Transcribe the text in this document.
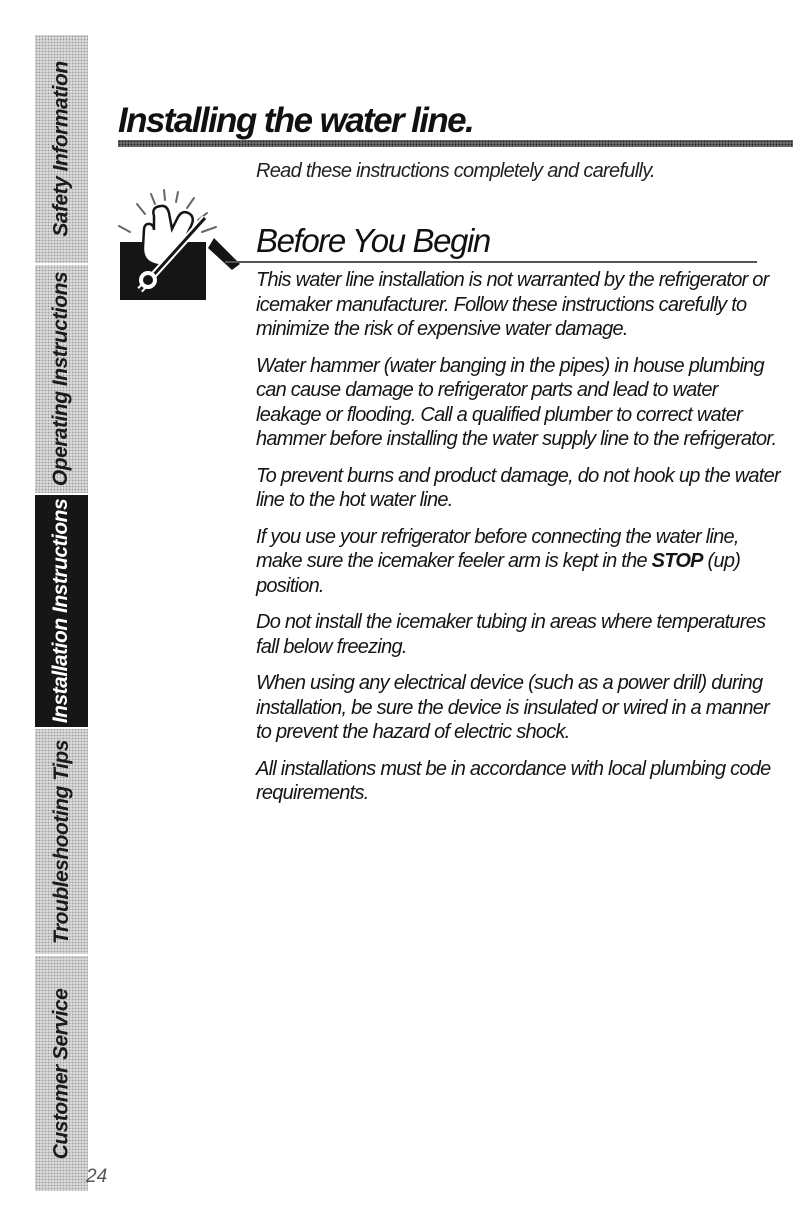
Safety Information
Operating Instructions
Installation Instructions
Troubleshooting Tips
Customer Service
24
Installing the water line.
Read these instructions completely and carefully.
Before You Begin

This water line installation is not warranted by the refrigerator or icemaker manufacturer. Follow these instructions carefully to minimize the risk of expensive water damage.

Water hammer (water banging in the pipes) in house plumbing can cause damage to refrigerator parts and lead to water leakage or flooding. Call a qualified plumber to correct water hammer before installing the water supply line to the refrigerator.

To prevent burns and product damage, do not hook up the water line to the hot water line.

If you use your refrigerator before connecting the water line, make sure the icemaker feeler arm is kept in the STOP (up) position.

Do not install the icemaker tubing in areas where temperatures fall below freezing.

When using any electrical device (such as a power drill) during installation, be sure the device is insulated or wired in a manner to prevent the hazard of electric shock.

All installations must be in accordance with local plumbing code requirements.
